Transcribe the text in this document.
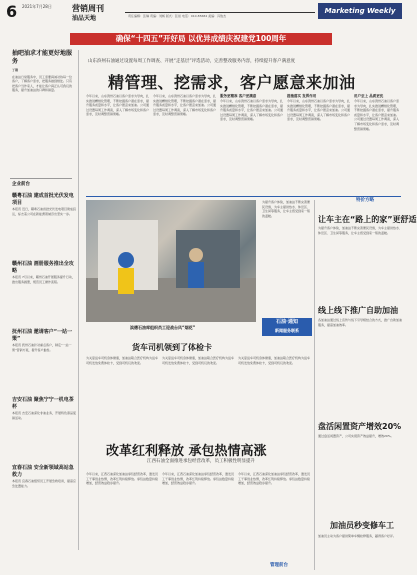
6 2021年7月28日	营销周刊
油品天地	责任编辑：张琳 责编：刘畅 版式：张旭 电话：010-85684 美编：冯俊杰
Marketing Weekly
确保“十四五”开好局 以优异成绩庆祝建党100周年
抽吧油求才能更好地服务
丁翔
在油站日常服务中，员工需要真诚对待每一位客户，了解客户需求，把服务做到细处。只有把客户当作家人，才能让客户真正认可我们的服务，提升加油站的口碑和销量。
企业前台
赣粤石油 建成首批光伏发电项目
本报讯 近日，赣粤石油首批光伏发电项目建成投运，标志着公司在新能源领域迈出坚实一步。
赣州石油 画册服务推出全攻略
本报讯 7月以来，赣州石油开展服务提升行动，推出服务画册，规范员工操作流程。
抚州石油 邀请客户“一站一策”
本报讯 抚州石油针对重点客户，制定“一站一策”营销方案，提升客户黏性。
吉安石油 聚焦宁宁一机电茶杯
本报讯 吉安石油深化非油业务，开展特色商品促销活动。
宜春石油 安全新领域高站急救力
本报讯 宜春石油组织员工开展急救培训，提高应急处置能力。
山东滨州石油通过设置每周工作调查、开展“走基层”评选活动，完善整改服务内容，持续提升客户满意度
精管理、挖需求，客户愿意来加油
今年以来，山东滨州石油以客户需求为导向，扎实推进精细化管理，不断挖掘客户潜在需求，提升服务质量和水平，让客户愿意来加油。公司通过设置每周工作调查，深入了解市场变化和客户需求，及时调整营销策略。
今年以来，山东滨州石油以客户需求为导向，扎实推进精细化管理，不断挖掘客户潜在需求，提升服务质量和水平，让客户愿意来加油。公司通过设置每周工作调查，深入了解市场变化和客户需求，及时调整营销策略。
服务更精准 客户更满意
今年以来，山东滨州石油以客户需求为导向，扎实推进精细化管理，不断挖掘客户潜在需求，提升服务质量和水平，让客户愿意来加油。公司通过设置每周工作调查，深入了解市场变化和客户需求，及时调整营销策略。
措施落实 发挥作用
今年以来，山东滨州石油以客户需求为导向，扎实推进精细化管理，不断挖掘客户潜在需求，提升服务质量和水平，让客户愿意来加油。公司通过设置每周工作调查，深入了解市场变化和客户需求，及时调整营销策略。
用户至上 品质更优
今年以来，山东滨州石油以客户需求为导向，扎实推进精细化管理，不断挖掘客户潜在需求，提升服务质量和水平，让客户愿意来加油。公司通过设置每周工作调查，深入了解市场变化和客户需求，及时调整营销策略。
特价方略
滨德石油库组织员工迎战台风“烟花”
石油·通知
新闻服务联系
为提升客户体验，加油站不断完善便民设施，为车主提供热水、休息区、卫生间等服务，让车主感受到家一般的温暖。	让车主在“路上的家”更舒适
为提升客户体验，加油站不断完善便民设施，为车主提供热水、休息区、卫生间等服务，让车主感受到家一般的温暖。
线上线下推广自助加油
各加油站通过线上宣传与线下引导相结合的方式，推广自助加油服务，提高加油效率。
盘活闲置资产增效20%
通过盘活闲置资产，公司实现资产效益提升，增效20%。
加油员秒变修车工
加油员主动为客户提供简单车辆检修服务，赢得客户好评。
货车司机领到了体检卡
为关爱货车司机身体健康，加油站联合医疗机构为货车司机发放免费体检卡，受到司机们的欢迎。
为关爱货车司机身体健康，加油站联合医疗机构为货车司机发放免费体检卡，受到司机们的欢迎。
为关爱货车司机身体健康，加油站联合医疗机构为货车司机发放免费体检卡，受到司机们的欢迎。
改革红利释放 承包热情高涨
江西石油全面推进承包经营改革，员工积极性明显提升
今年以来，江西石油深化加油站承包经营改革，激发员工干事创业热情，改革红利持续释放。承包站数量持续增加，经营效益稳步提升。
今年以来，江西石油深化加油站承包经营改革，激发员工干事创业热情，改革红利持续释放。承包站数量持续增加，经营效益稳步提升。
今年以来，江西石油深化加油站承包经营改革，激发员工干事创业热情，改革红利持续释放。承包站数量持续增加，经营效益稳步提升。
管理前台
